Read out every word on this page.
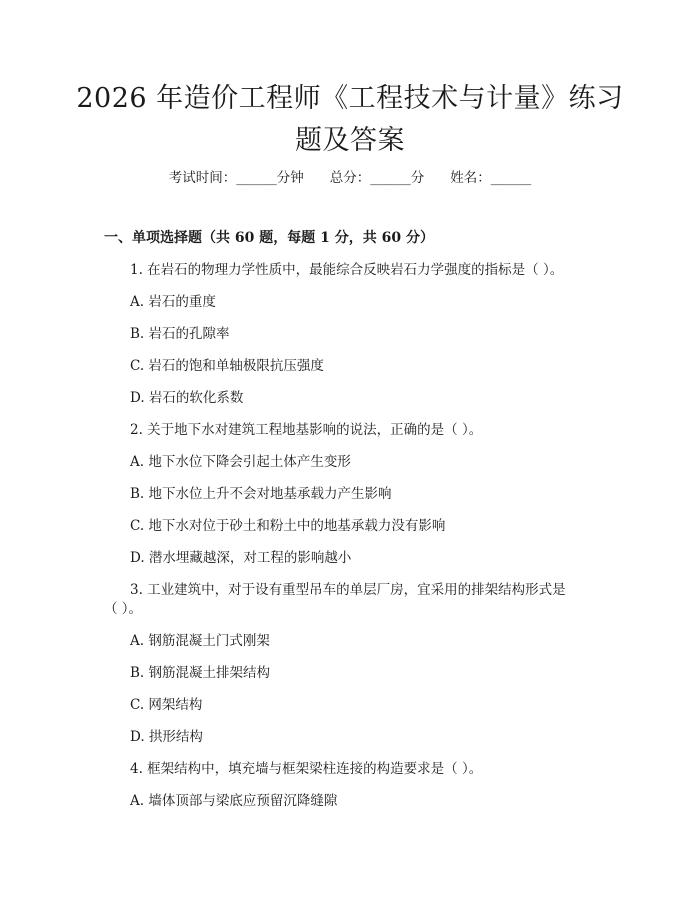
2026 年造价工程师《工程技术与计量》练习
题及答案
考试时间：______分钟 总分：______分 姓名：______
一、单项选择题（共 60 题，每题 1 分，共 60 分）
1. 在岩石的物理力学性质中，最能综合反映岩石力学强度的指标是（ ）。
A. 岩石的重度
B. 岩石的孔隙率
C. 岩石的饱和单轴极限抗压强度
D. 岩石的软化系数
2. 关于地下水对建筑工程地基影响的说法，正确的是（ ）。
A. 地下水位下降会引起土体产生变形
B. 地下水位上升不会对地基承载力产生影响
C. 地下水对位于砂土和粉土中的地基承载力没有影响
D. 潜水埋藏越深，对工程的影响越小
3. 工业建筑中，对于设有重型吊车的单层厂房，宜采用的排架结构形式是
（ ）。
A. 钢筋混凝土门式刚架
B. 钢筋混凝土排架结构
C. 网架结构
D. 拱形结构
4. 框架结构中，填充墙与框架梁柱连接的构造要求是（ ）。
A. 墙体顶部与梁底应预留沉降缝隙
